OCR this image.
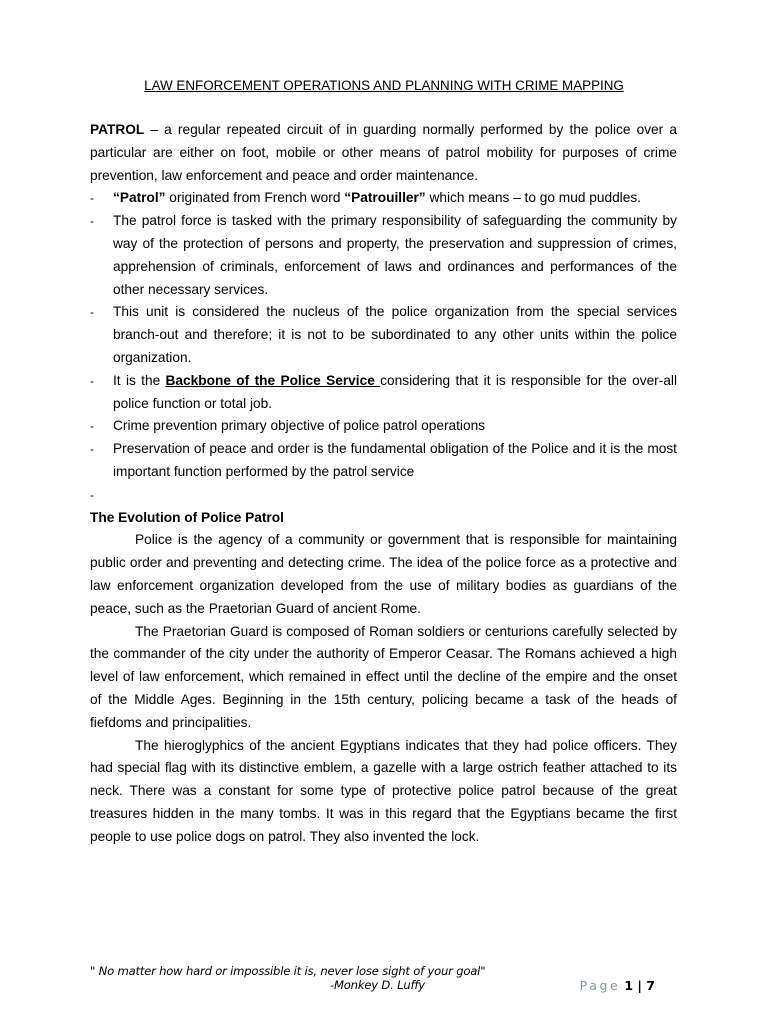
LAW ENFORCEMENT OPERATIONS AND PLANNING WITH CRIME MAPPING

PATROL – a regular repeated circuit of in guarding normally performed by the police over a particular are either on foot, mobile or other means of patrol mobility for purposes of crime prevention, law enforcement and peace and order maintenance.

- “Patrol” originated from French word “Patrouiller” which means – to go mud puddles.
- The patrol force is tasked with the primary responsibility of safeguarding the community by way of the protection of persons and property, the preservation and suppression of crimes, apprehension of criminals, enforcement of laws and ordinances and performances of the other necessary services.
- This unit is considered the nucleus of the police organization from the special services branch-out and therefore; it is not to be subordinated to any other units within the police organization.
- It is the Backbone of the Police Service considering that it is responsible for the over-all police function or total job.
- Crime prevention primary objective of police patrol operations
- Preservation of peace and order is the fundamental obligation of the Police and it is the most important function performed by the patrol service
-

The Evolution of Police Patrol

Police is the agency of a community or government that is responsible for maintaining public order and preventing and detecting crime. The idea of the police force as a protective and law enforcement organization developed from the use of military bodies as guardians of the peace, such as the Praetorian Guard of ancient Rome.

The Praetorian Guard is composed of Roman soldiers or centurions carefully selected by the commander of the city under the authority of Emperor Ceasar. The Romans achieved a high level of law enforcement, which remained in effect until the decline of the empire and the onset of the Middle Ages. Beginning in the 15th century, policing became a task of the heads of fiefdoms and principalities.

The hieroglyphics of the ancient Egyptians indicates that they had police officers. They had special flag with its distinctive emblem, a gazelle with a large ostrich feather attached to its neck. There was a constant for some type of protective police patrol because of the great treasures hidden in the many tombs. It was in this regard that the Egyptians became the first people to use police dogs on patrol. They also invented the lock.

" No matter how hard or impossible it is, never lose sight of your goal"
-Monkey D. Luffy	Page 1 | 7
